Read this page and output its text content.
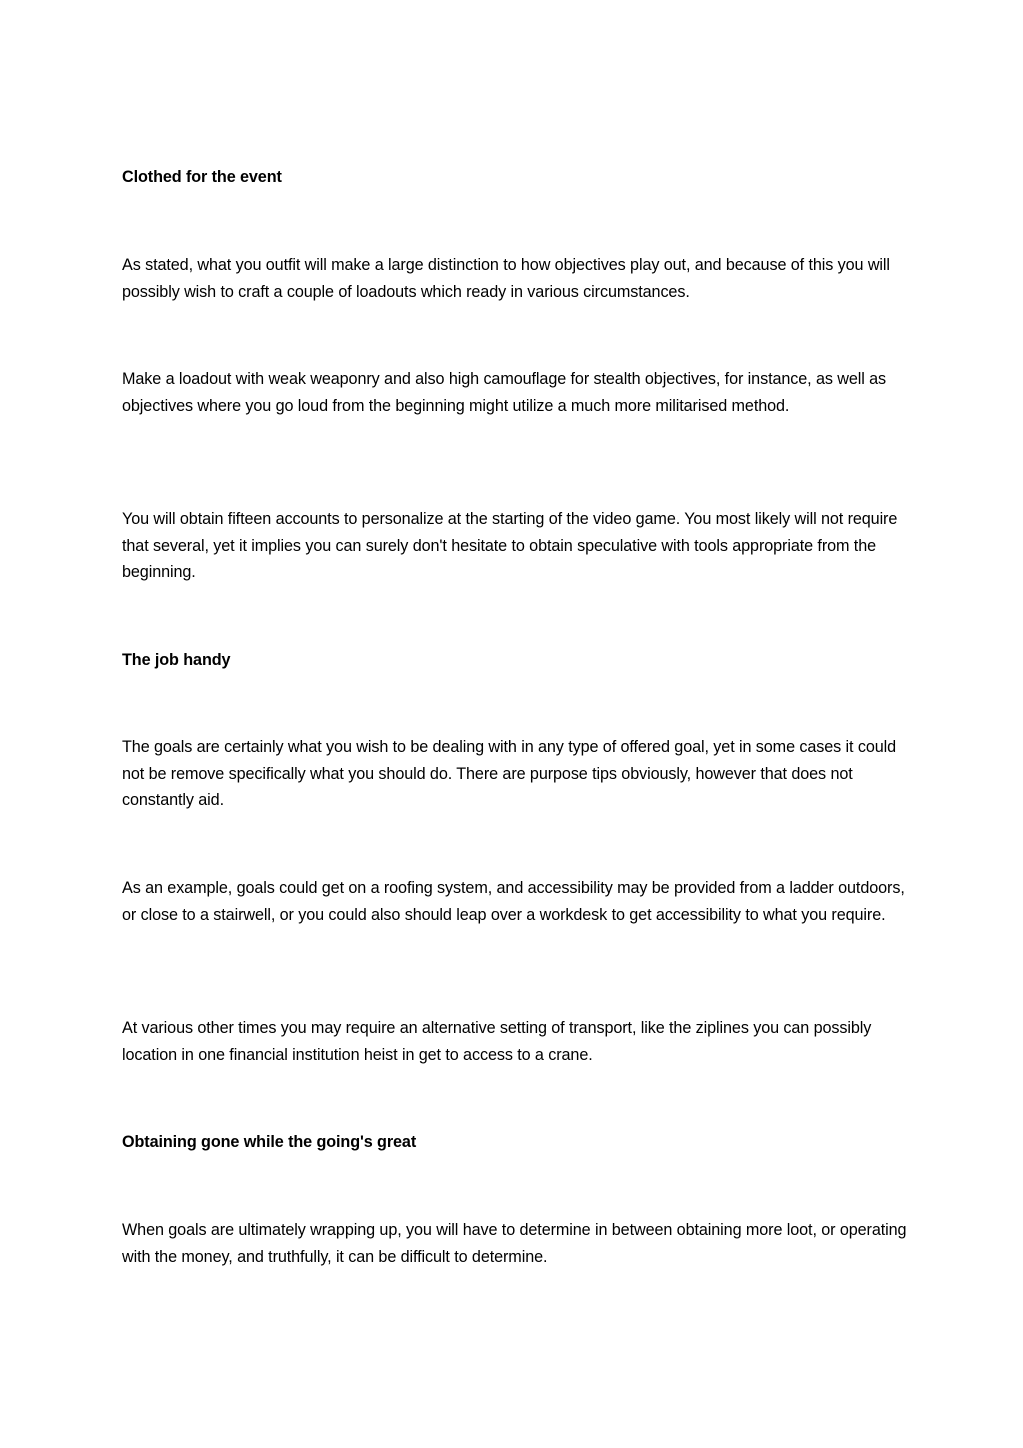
Clothed for the event

As stated, what you outfit will make a large distinction to how objectives play out, and because of this you will possibly wish to craft a couple of loadouts which ready in various circumstances.

Make a loadout with weak weaponry and also high camouflage for stealth objectives, for instance, as well as objectives where you go loud from the beginning might utilize a much more militarised method.

You will obtain fifteen accounts to personalize at the starting of the video game. You most likely will not require that several, yet it implies you can surely don't hesitate to obtain speculative with tools appropriate from the beginning.

The job handy

The goals are certainly what you wish to be dealing with in any type of offered goal, yet in some cases it could not be remove specifically what you should do. There are purpose tips obviously, however that does not constantly aid.

As an example, goals could get on a roofing system, and accessibility may be provided from a ladder outdoors, or close to a stairwell, or you could also should leap over a workdesk to get accessibility to what you require.

At various other times you may require an alternative setting of transport, like the ziplines you can possibly location in one financial institution heist in get to access to a crane.

Obtaining gone while the going's great

When goals are ultimately wrapping up, you will have to determine in between obtaining more loot, or operating with the money, and truthfully, it can be difficult to determine.
